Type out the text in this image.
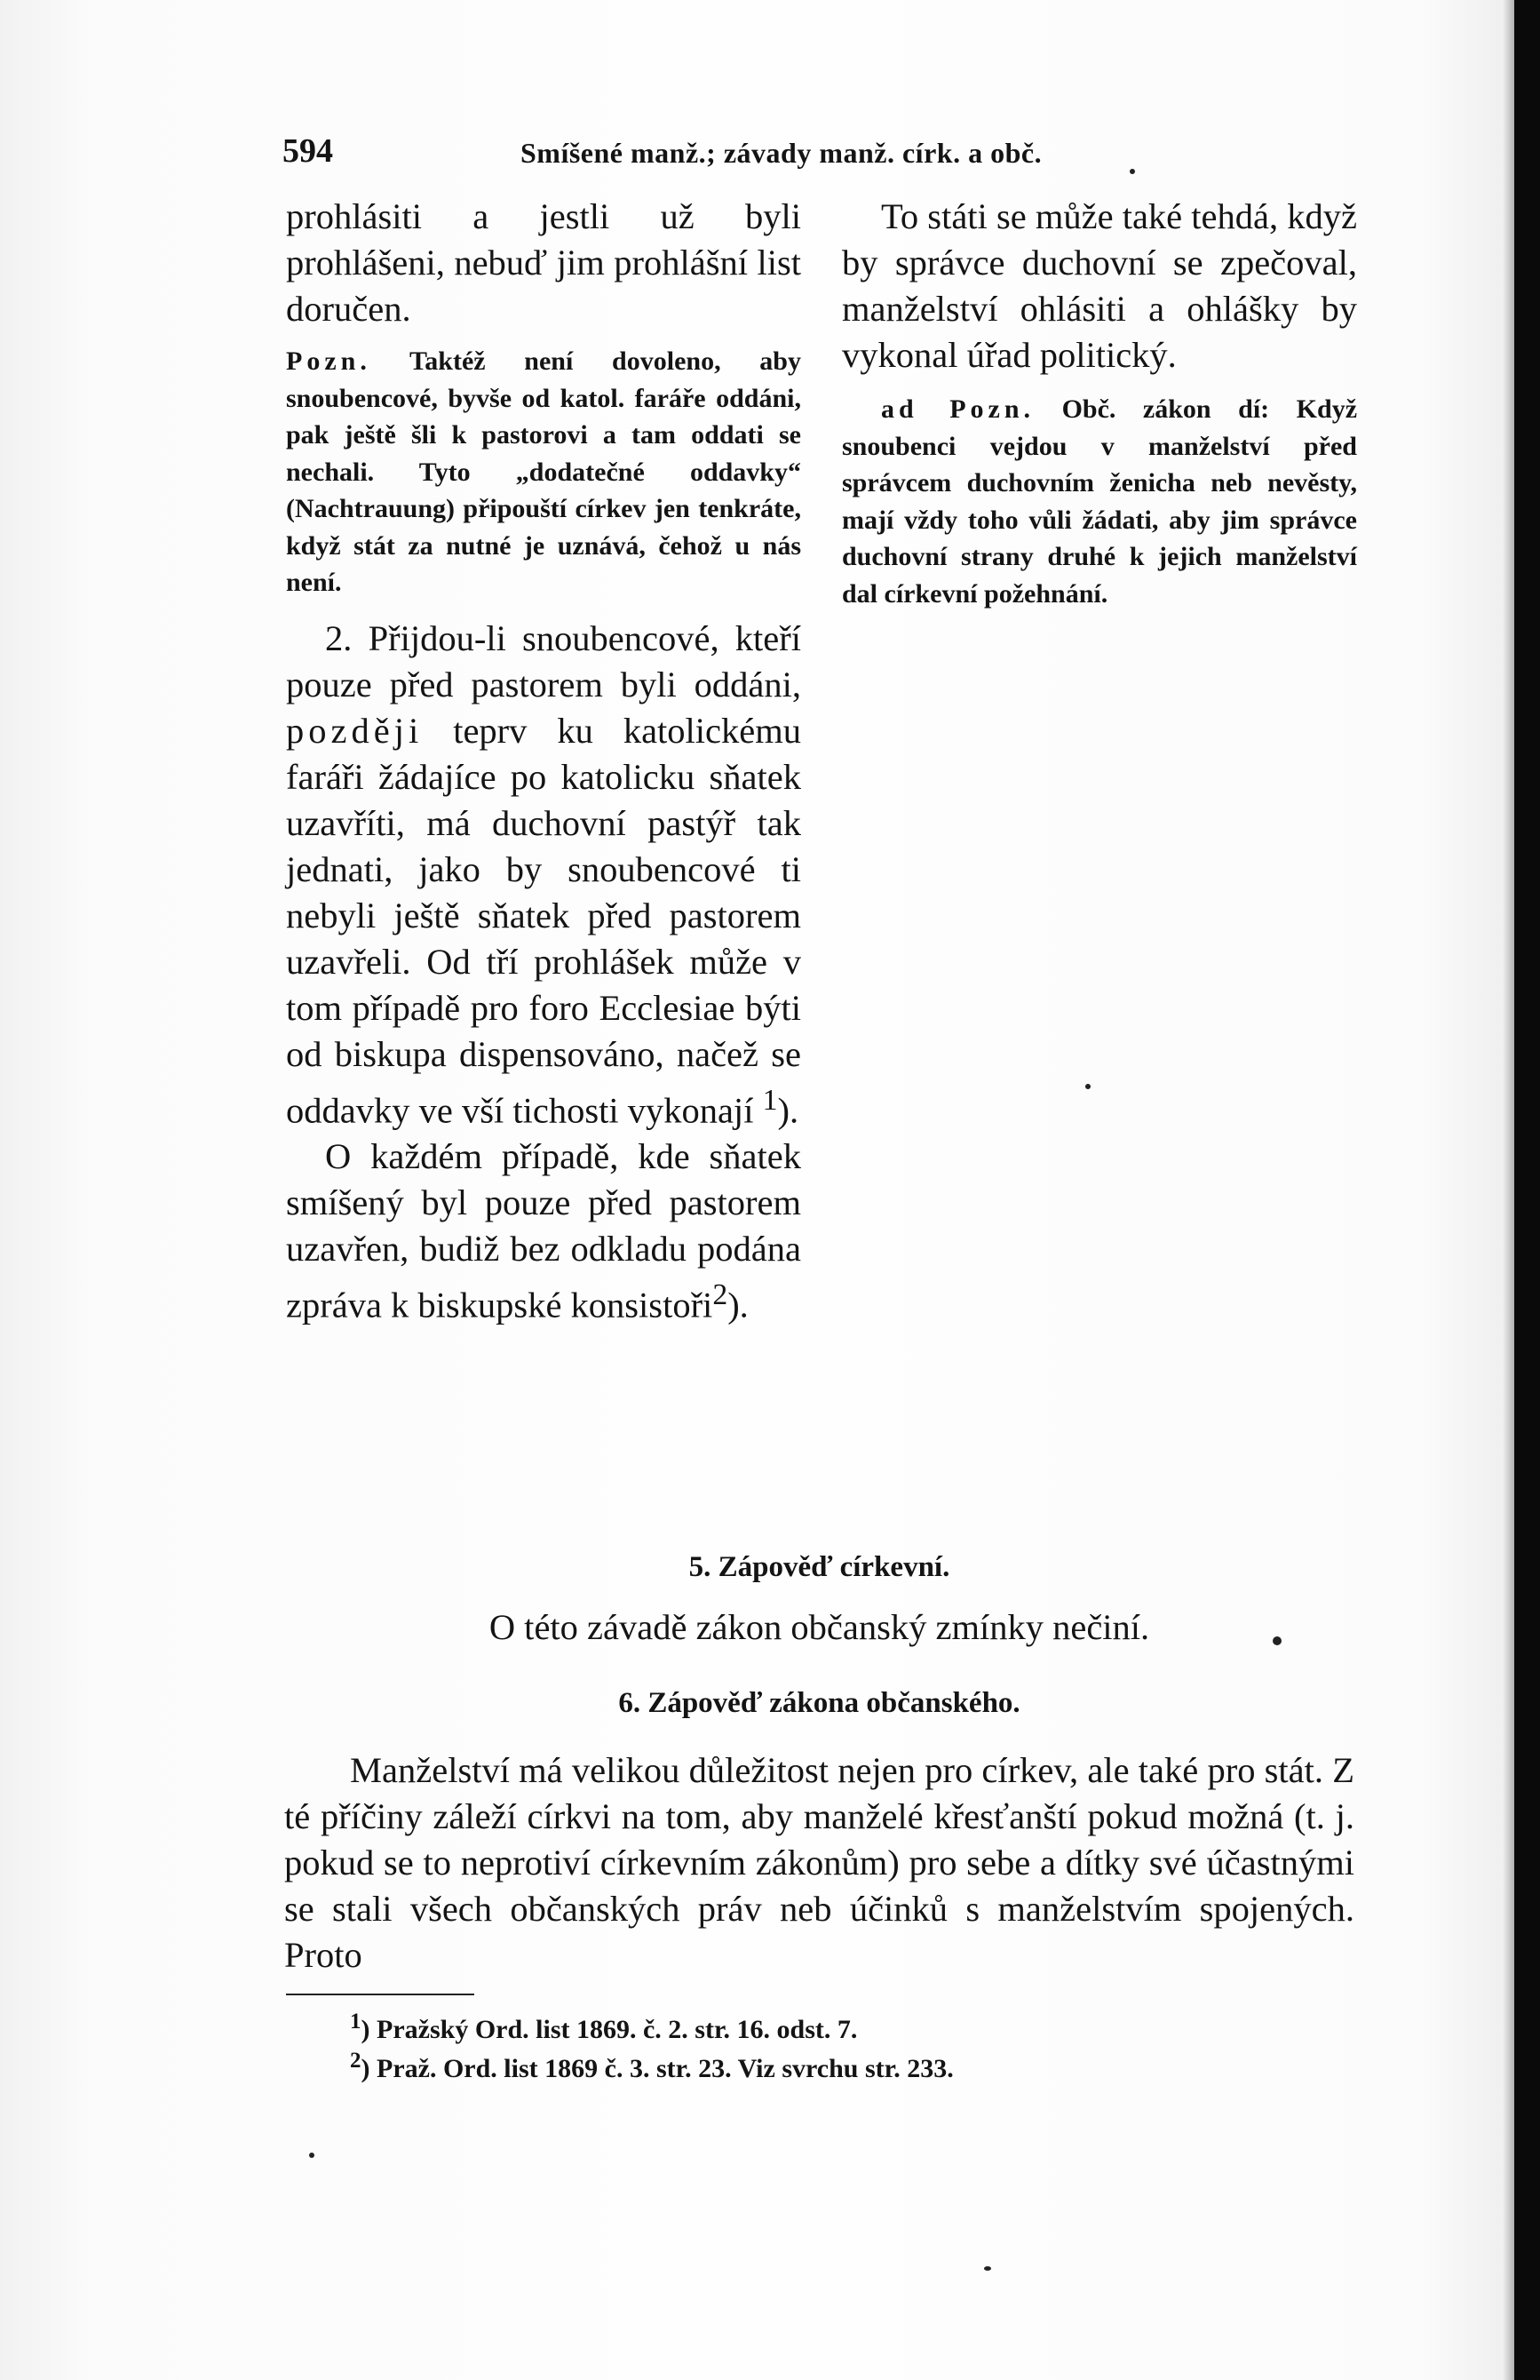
594	Smíšené manž.; závady manž. círk. a obč.

prohlásiti a jestli už byli prohlášeni, nebuď jim prohlášní list doručen.

Pozn. Taktéž není dovoleno, aby snoubencové, byvše od katol. faráře oddáni, pak ještě šli k pastorovi a tam oddati se nechali. Tyto „dodatečné oddavky“ (Nachtrauung) připouští církev jen tenkráte, když stát za nutné je uznává, čehož u nás není.

2. Přijdou-li snoubencové, kteří pouze před pastorem byli oddáni, později teprv ku katolickému faráři žádajíce po katolicku sňatek uzavříti, má duchovní pastýř tak jednati, jako by snoubencové ti nebyli ještě sňatek před pastorem uzavřeli. Od tří prohlášek může v tom případě pro foro Ecclesiae býti od biskupa dispensováno, načež se oddavky ve vší tichosti vykonají $^1$).

O každém případě, kde sňatek smíšený byl pouze před pastorem uzavřen, budiž bez odkladu podána zpráva k biskupské konsistoři$^2$).

To státi se může také tehdá, když by správce duchovní se zpečoval, manželství ohlásiti a ohlášky by vykonal úřad politický.

ad Pozn. Obč. zákon dí: Když snoubenci vejdou v manželství před správcem duchovním ženicha neb nevěsty, mají vždy toho vůli žádati, aby jim správce duchovní strany druhé k jejich manželství dal církevní požehnání.

5. Zápověď církevní.
O této závadě zákon občanský zmínky nečiní.
6. Zápověď zákona občanského.
Manželství má velikou důležitost nejen pro církev, ale také pro stát. Z té příčiny záleží církvi na tom, aby manželé křesťanští pokud možná (t. j. pokud se to neprotiví církevním zákonům) pro sebe a dítky své účastnými se stali všech občanských práv neb účinků s manželstvím spojených. Proto
$^1$) Pražský Ord. list 1869. č. 2. str. 16. odst. 7.
$^2$) Praž. Ord. list 1869 č. 3. str. 23. Viz svrchu str. 233.
